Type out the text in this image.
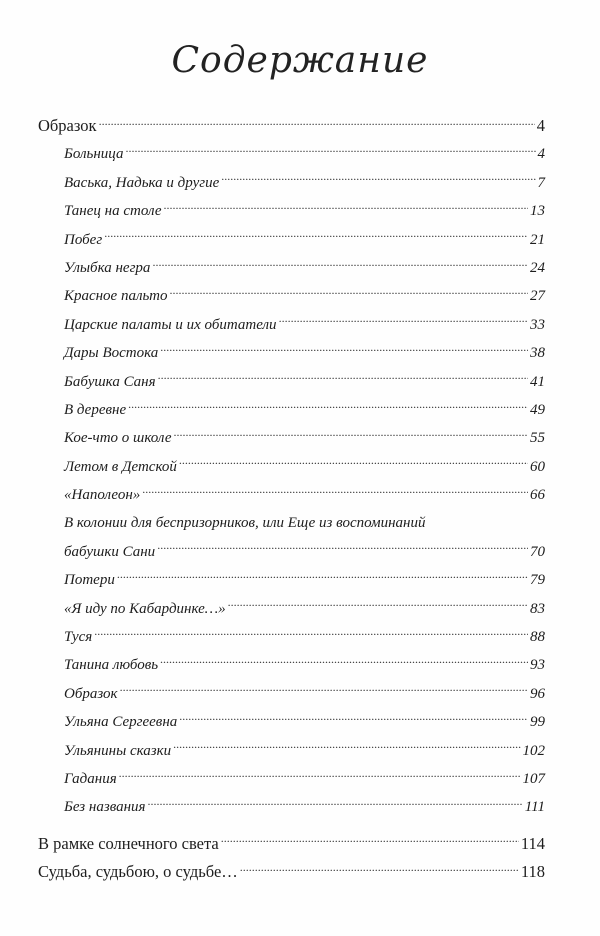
Содержание
Образок .....	4
Больница .....	4
Васька, Надька и другие .....	7
Танец на столе .....	13
Побег .....	21
Улыбка негра .....	24
Красное пальто .....	27
Царские палаты и их обитатели .....	33
Дары Востока .....	38
Бабушка Саня .....	41
В деревне .....	49
Кое-что о школе .....	55
Летом в Детской .....	60
«Наполеон» .....	66
В колонии для беспризорников, или Еще из воспоминаний
бабушки Сани .....	70
Потери .....	79
«Я иду по Кабардинке…» .....	83
Туся .....	88
Танина любовь .....	93
Образок .....	96
Ульяна Сергеевна .....	99
Ульянины сказки .....	102
Гадания .....	107
Без названия .....	111
В рамке солнечного света .....	114
Судьба, судьбою, о судьбе… .....	118
